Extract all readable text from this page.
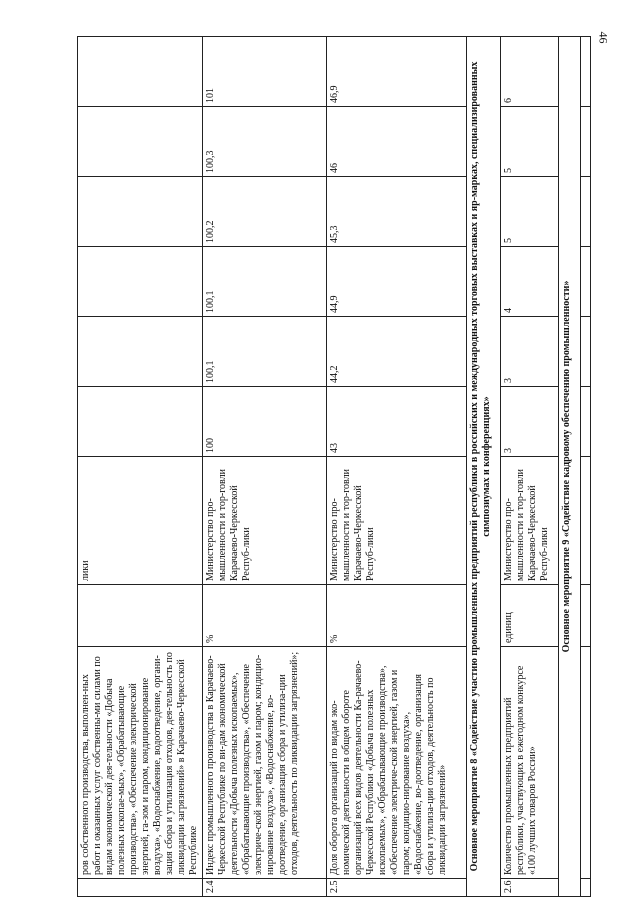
46
	ров собственного производства, выполнен-ных работ и оказанных услуг собственны-ми силами по видам экономической дея-тельности «Добыча полезных ископае-мых», «Обрабатывающие производства», «Обеспечение электрической энергией, га-зом и паром, кондиционирование воздуха», «Водоснабжение, водоотведение, органи-зация сбора и утилизация отходов, дея-тельность по ликвидации загрязнений» в Карачаево-Черкесской Республике		лики						
2.4	Индекс промышленного производства в Карачаево-Черкесской Республике по ви-дам экономической деятельности «Добыча полезных ископаемых», «Обрабатывающие производства», «Обеспечение электриче-ской энергией, газом и паром; кондицио-нирование воздуха», «Водоснабжение, во-доотведение, организация сбора и утилиза-ции отходов, деятельность по ликвидации загрязнений»;	%	Министерство про-мышленности и тор-говли Карачаево-Черкесской Респуб-лики	100	100,1	100,1	100,2	100,3	101
2.5	Доля оборота организаций по видам эко-номической деятельности в общем обороте организаций всех видов деятельности Ка-рачаево-Черкесской Республики «Добыча полезных ископаемых», «Обрабатывающие производства», «Обеспечение электриче-ской энергией, газом и паром; кондицио-нирование воздуха», «Водоснабжение, во-доотведение, организация сбора и утилиза-ции отходов, деятельность по ликвидации загрязнений»	%	Министерство про-мышленности и тор-говли Карачаево-Черкесской Респуб-лики	43	44,2	44,9	45,3	46	46,9
Основное мероприятие 8 «Содействие участию промышленных предприятий республики в российских и международных торговых выставках и яр-марках, специализированных симпозиумах и конференциях»									
2.6	Количество промышленных предприятий республики, участвующих в ежегодном конкурсе «100 лучших товаров России»	единиц	Министерство про-мышленности и тор-говли Карачаево-Черкесской Респуб-лики	3	3	4	5	5	6
Основное мероприятие 9 «Содействие кадровому обеспечению промышленности»									
